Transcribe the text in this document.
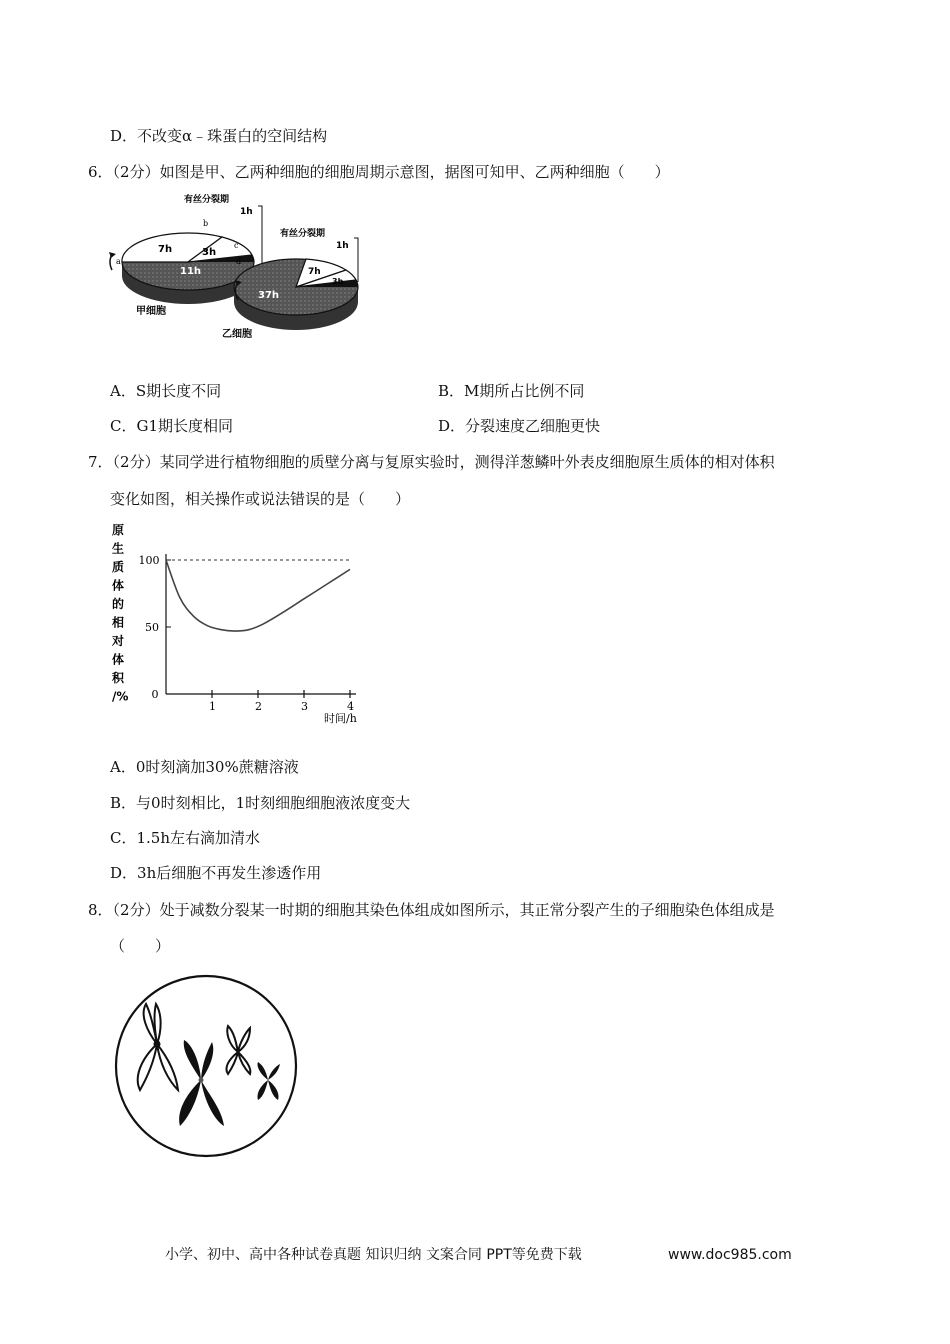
D．不改变α﹣珠蛋白的空间结构
6．（2分）如图是甲、乙两种细胞的细胞周期示意图，据图可知甲、乙两种细胞（　　）
7h	3h
11h
a
b
c
d
有丝分裂期
1h
甲细胞
7h
3h
37h
有丝分裂期
1h
乙细胞
A．S期长度不同	B．M期所占比例不同
C．G1期长度相同	D．分裂速度乙细胞更快
7．（2分）某同学进行植物细胞的质壁分离与复原实验时，测得洋葱鳞叶外表皮细胞原生质体的相对体积
变化如图，相关操作或说法错误的是（　　）
原
生
质
体
的
相
对
体
积
/%
1	2	3	4
0
50
100
时间/h
A．0时刻滴加30%蔗糖溶液
B．与0时刻相比，1时刻细胞细胞液浓度变大
C．1.5h左右滴加清水
D．3h后细胞不再发生渗透作用
8．（2分）处于减数分裂某一时期的细胞其染色体组成如图所示，其正常分裂产生的子细胞染色体组成是
（　　）
小学、初中、高中各种试卷真题 知识归纳 文案合同 PPT等免费下载	www.doc985.com
